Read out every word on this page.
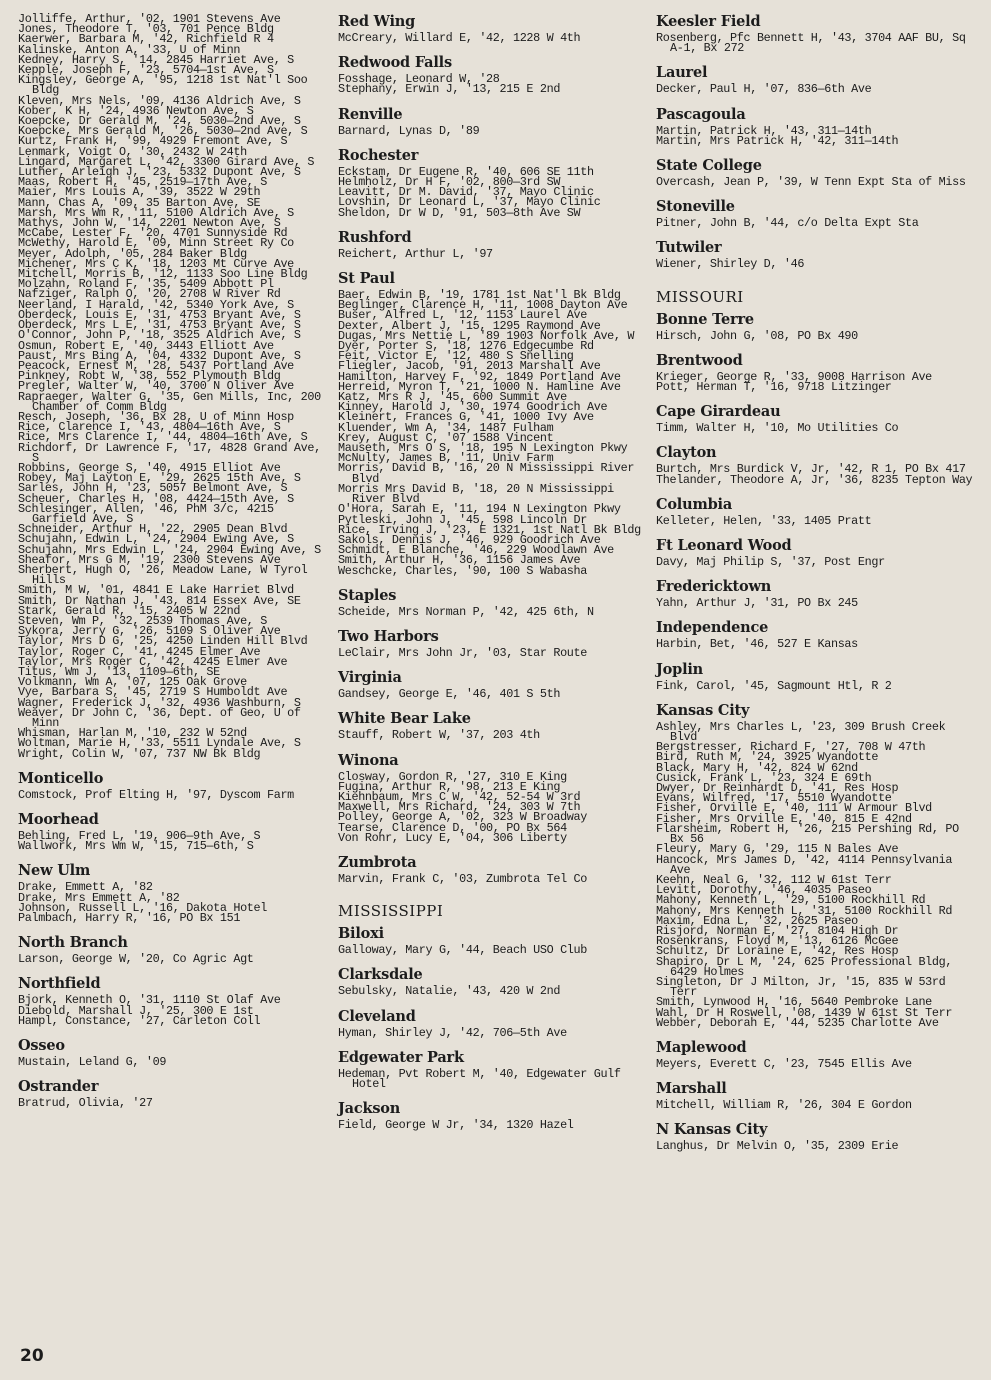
Jolliffe, Arthur, '02, 1901 Stevens Ave
Jones, Theodore T, '03, 701 Pence Bldg
Kaerwer, Barbara M, '42, Richfield R 4
Kalinske, Anton A, '33, U of Minn
Kedney, Harry S, '14, 2845 Harriet Ave, S
Kepple, Joseph F, '23, 5704—1st Ave, S
Kingsley, George A, '95, 1218 1st Nat'l Soo Bldg
Kleven, Mrs Nels, '09, 4136 Aldrich Ave, S
Kober, K H, '24, 4936 Newton Ave, S
Koepcke, Dr Gerald M, '24, 5030—2nd Ave, S
Koepcke, Mrs Gerald M, '26, 5030—2nd Ave, S
Kurtz, Frank H, '99, 4929 Fremont Ave, S
Lenmark, Voigt O, '30, 2432 W 24th
Lingard, Margaret L, '42, 3300 Girard Ave, S
Luther, Arleigh J, '23, 5332 Dupont Ave, S
Maas, Robert H, '45, 2519—17th Ave, S
Maier, Mrs Louis A, '39, 3522 W 29th
Mann, Chas A, '09, 35 Barton Ave, SE
Marsh, Mrs Wm R, '11, 5100 Aldrich Ave, S
Mathys, John W, '14, 2201 Newton Ave, S
McCabe, Lester F, '20, 4701 Sunnyside Rd
McWethy, Harold E, '09, Minn Street Ry Co
Meyer, Adolph, '05, 284 Baker Bldg
Michener, Mrs C K, '18, 1203 Mt Curve Ave
Mitchell, Morris B, '12, 1133 Soo Line Bldg
Molzahn, Roland F, '35, 5409 Abbott Pl
Nafziger, Ralph O, '20, 2708 W River Rd
Neerland, I Harald, '42, 5340 York Ave, S
Oberdeck, Louis E, '31, 4753 Bryant Ave, S
Oberdeck, Mrs L E, '31, 4753 Bryant Ave, S
O'Connor, John P, '18, 3525 Aldrich Ave, S
Osmun, Robert E, '40, 3443 Elliott Ave
Paust, Mrs Bing A, '04, 4332 Dupont Ave, S
Peacock, Ernest M, '28, 5437 Portland Ave
Pinkney, Robt W, '38, 552 Plymouth Bldg
Pregler, Walter W, '40, 3700 N Oliver Ave
Rapraeger, Walter G, '35, Gen Mills, Inc, 200 Chamber of Comm Bldg
Resch, Joseph, '36, Bx 28, U of Minn Hosp
Rice, Clarence I, '43, 4804—16th Ave, S
Rice, Mrs Clarence I, '44, 4804—16th Ave, S
Richdorf, Dr Lawrence F, '17, 4828 Grand Ave, S
Robbins, George S, '40, 4915 Elliot Ave
Robey, Maj Layton E, '29, 2625 15th Ave, S
Sarles, John H, '23, 5057 Belmont Ave, S
Scheuer, Charles H, '08, 4424—15th Ave, S
Schlesinger, Allen, '46, PhM 3/c, 4215 Garfield Ave, S
Schneider, Arthur H, '22, 2905 Dean Blvd
Schujahn, Edwin L, '24, 2904 Ewing Ave, S
Schujahn, Mrs Edwin L, '24, 2904 Ewing Ave, S
Sheafor, Mrs G M, '19, 2300 Stevens Ave
Sherbert, Hugh O, '26, Meadow Lane, W Tyrol Hills
Smith, M W, '01, 4841 E Lake Harriet Blvd
Smith, Dr Nathan J, '43, 814 Essex Ave, SE
Stark, Gerald R, '15, 2405 W 22nd
Steven, Wm P, '32, 2539 Thomas Ave, S
Sykora, Jerry G, '26, 5109 S Oliver Ave
Taylor, Mrs D G, '25, 4250 Linden Hill Blvd
Taylor, Roger C, '41, 4245 Elmer Ave
Taylor, Mrs Roger C, '42, 4245 Elmer Ave
Titus, Wm J, '13, 1109—6th, SE
Volkmann, Wm A, '07, 125 Oak Grove
Vye, Barbara S, '45, 2719 S Humboldt Ave
Wagner, Frederick J, '32, 4936 Washburn, S
Weaver, Dr John C, '36, Dept. of Geo, U of Minn
Whisman, Harlan M, '10, 232 W 52nd
Woltman, Marie H, '33, 5511 Lyndale Ave, S
Wright, Colin W, '07, 737 NW Bk Bldg
Monticello
Comstock, Prof Elting H, '97, Dyscom Farm
Moorhead
Behling, Fred L, '19, 906—9th Ave, S
Wallwork, Mrs Wm W, '15, 715—6th, S
New Ulm
Drake, Emmett A, '82
Drake, Mrs Emmett A, '82
Johnson, Russell L, '16, Dakota Hotel
Palmbach, Harry R, '16, PO Bx 151
North Branch
Larson, George W, '20, Co Agric Agt
Northfield
Bjork, Kenneth O, '31, 1110 St Olaf Ave
Diebold, Marshall J, '25, 300 E 1st
Hampl, Constance, '27, Carleton Coll
Osseo
Mustain, Leland G, '09
Ostrander
Bratrud, Olivia, '27
Red Wing
McCreary, Willard E, '42, 1228 W 4th
Redwood Falls
Fosshage, Leonard W, '28
Stephany, Erwin J, '13, 215 E 2nd
Renville
Barnard, Lynas D, '89
Rochester
Eckstam, Dr Eugene R, '40, 606 SE 11th
Helmholz, Dr H F, '02, 800—3rd SW
Leavitt, Dr M. David, '37, Mayo Clinic
Lovshin, Dr Leonard L, '37, Mayo Clinic
Sheldon, Dr W D, '91, 503—8th Ave SW
Rushford
Reichert, Arthur L, '97
St Paul
Baer, Edwin B, '19, 1781 1st Nat'l Bk Bldg
Beglinger, Clarence H, '11, 1008 Dayton Ave
Buser, Alfred L, '12, 1153 Laurel Ave
Dexter, Albert J, '15, 1295 Raymond Ave
Dugas, Mrs Nettie L, '89 1903 Norfolk Ave, W
Dyer, Porter S, '18, 1276 Edgecumbe Rd
Feit, Victor E, '12, 480 S Snelling
Fliegler, Jacob, '91, 2013 Marshall Ave
Hamilton, Harvey F, '92, 1849 Portland Ave
Herreid, Myron T, '21, 1000 N. Hamline Ave
Katz, Mrs R J, '45, 600 Summit Ave
Kinney, Harold J, '30, 1974 Goodrich Ave
Kleinert, Frances G, '41, 1000 Ivy Ave
Kluender, Wm A, '34, 1487 Fulham
Krey, August C, '07 1588 Vincent
Mauseth, Mrs O S, '18, 195 N Lexington Pkwy
McNulty, James B, '11, Univ Farm
Morris, David B, '16, 20 N Mississippi River Blvd
Morris Mrs David B, '18, 20 N Mississippi River Blvd
O'Hora, Sarah E, '11, 194 N Lexington Pkwy
Pytleski, John J, '45, 598 Lincoln Dr
Rice, Irving J, '23, E 1321, 1st Natl Bk Bldg
Sakols, Dennis J, '46, 929 Goodrich Ave
Schmidt, E Blanche, '46, 229 Woodlawn Ave
Smith, Arthur H, '36, 1156 James Ave
Weschcke, Charles, '90, 100 S Wabasha
Staples
Scheide, Mrs Norman P, '42, 425 6th, N
Two Harbors
LeClair, Mrs John Jr, '03, Star Route
Virginia
Gandsey, George E, '46, 401 S 5th
White Bear Lake
Stauff, Robert W, '37, 203 4th
Winona
Closway, Gordon R, '27, 310 E King
Fugina, Arthur R, '98, 213 E King
Kiehnbaum, Mrs C W, '42, 52-54 W 3rd
Maxwell, Mrs Richard, '24, 303 W 7th
Polley, George A, '02, 323 W Broadway
Tearse, Clarence D, '00, PO Bx 564
Von Rohr, Lucy E, '04, 306 Liberty
Zumbrota
Marvin, Frank C, '03, Zumbrota Tel Co
MISSISSIPPI
Biloxi
Galloway, Mary G, '44, Beach USO Club
Clarksdale
Sebulsky, Natalie, '43, 420 W 2nd
Cleveland
Hyman, Shirley J, '42, 706—5th Ave
Edgewater Park
Hedeman, Pvt Robert M, '40, Edgewater Gulf Hotel
Jackson
Field, George W Jr, '34, 1320 Hazel
Keesler Field
Rosenberg, Pfc Bennett H, '43, 3704 AAF BU, Sq A-1, Bx 272
Laurel
Decker, Paul H, '07, 836—6th Ave
Pascagoula
Martin, Patrick H, '43, 311—14th
Martin, Mrs Patrick H, '42, 311—14th
State College
Overcash, Jean P, '39, W Tenn Expt Sta of Miss
Stoneville
Pitner, John B, '44, c/o Delta Expt Sta
Tutwiler
Wiener, Shirley D, '46
MISSOURI
Bonne Terre
Hirsch, John G, '08, PO Bx 490
Brentwood
Krieger, George R, '33, 9008 Harrison Ave
Pott, Herman T, '16, 9718 Litzinger
Cape Girardeau
Timm, Walter H, '10, Mo Utilities Co
Clayton
Burtch, Mrs Burdick V, Jr, '42, R 1, PO Bx 417
Thelander, Theodore A, Jr, '36, 8235 Tepton Way
Columbia
Kelleter, Helen, '33, 1405 Pratt
Ft Leonard Wood
Davy, Maj Philip S, '37, Post Engr
Fredericktown
Yahn, Arthur J, '31, PO Bx 245
Independence
Harbin, Bet, '46, 527 E Kansas
Joplin
Fink, Carol, '45, Sagmount Htl, R 2
Kansas City
Ashley, Mrs Charles L, '23, 309 Brush Creek Blvd
Bergstresser, Richard F, '27, 708 W 47th
Bird, Ruth M, '24, 3925 Wyandotte
Black, Mary H, '42, 824 W 62nd
Cusick, Frank L, '23, 324 E 69th
Dwyer, Dr Reinhardt D, '41, Res Hosp
Evans, Wilfred, '17, 5510 Wyandotte
Fisher, Orville E, '40, 111 W Armour Blvd
Fisher, Mrs Orville E, '40, 815 E 42nd
Flarsheim, Robert H, '26, 215 Pershing Rd, PO Bx 56
Fleury, Mary G, '29, 115 N Bales Ave
Hancock, Mrs James D, '42, 4114 Pennsylvania Ave
Keehn, Neal G, '32, 112 W 61st Terr
Levitt, Dorothy, '46, 4035 Paseo
Mahony, Kenneth L, '29, 5100 Rockhill Rd
Mahony, Mrs Kenneth L, '31, 5100 Rockhill Rd
Maxim, Edna L, '32, 2625 Paseo
Risjord, Norman E, '27, 8104 High Dr
Rosenkrans, Floyd M, '13, 6126 McGee
Schultz, Dr Loraine E, '42, Res Hosp
Shapiro, Dr L M, '24, 625 Professional Bldg, 6429 Holmes
Singleton, Dr J Milton, Jr, '15, 835 W 53rd Terr
Smith, Lynwood H, '16, 5640 Pembroke Lane
Wahl, Dr H Roswell, '08, 1439 W 61st St Terr
Webber, Deborah E, '44, 5235 Charlotte Ave
Maplewood
Meyers, Everett C, '23, 7545 Ellis Ave
Marshall
Mitchell, William R, '26, 304 E Gordon
N Kansas City
Langhus, Dr Melvin O, '35, 2309 Erie
20
